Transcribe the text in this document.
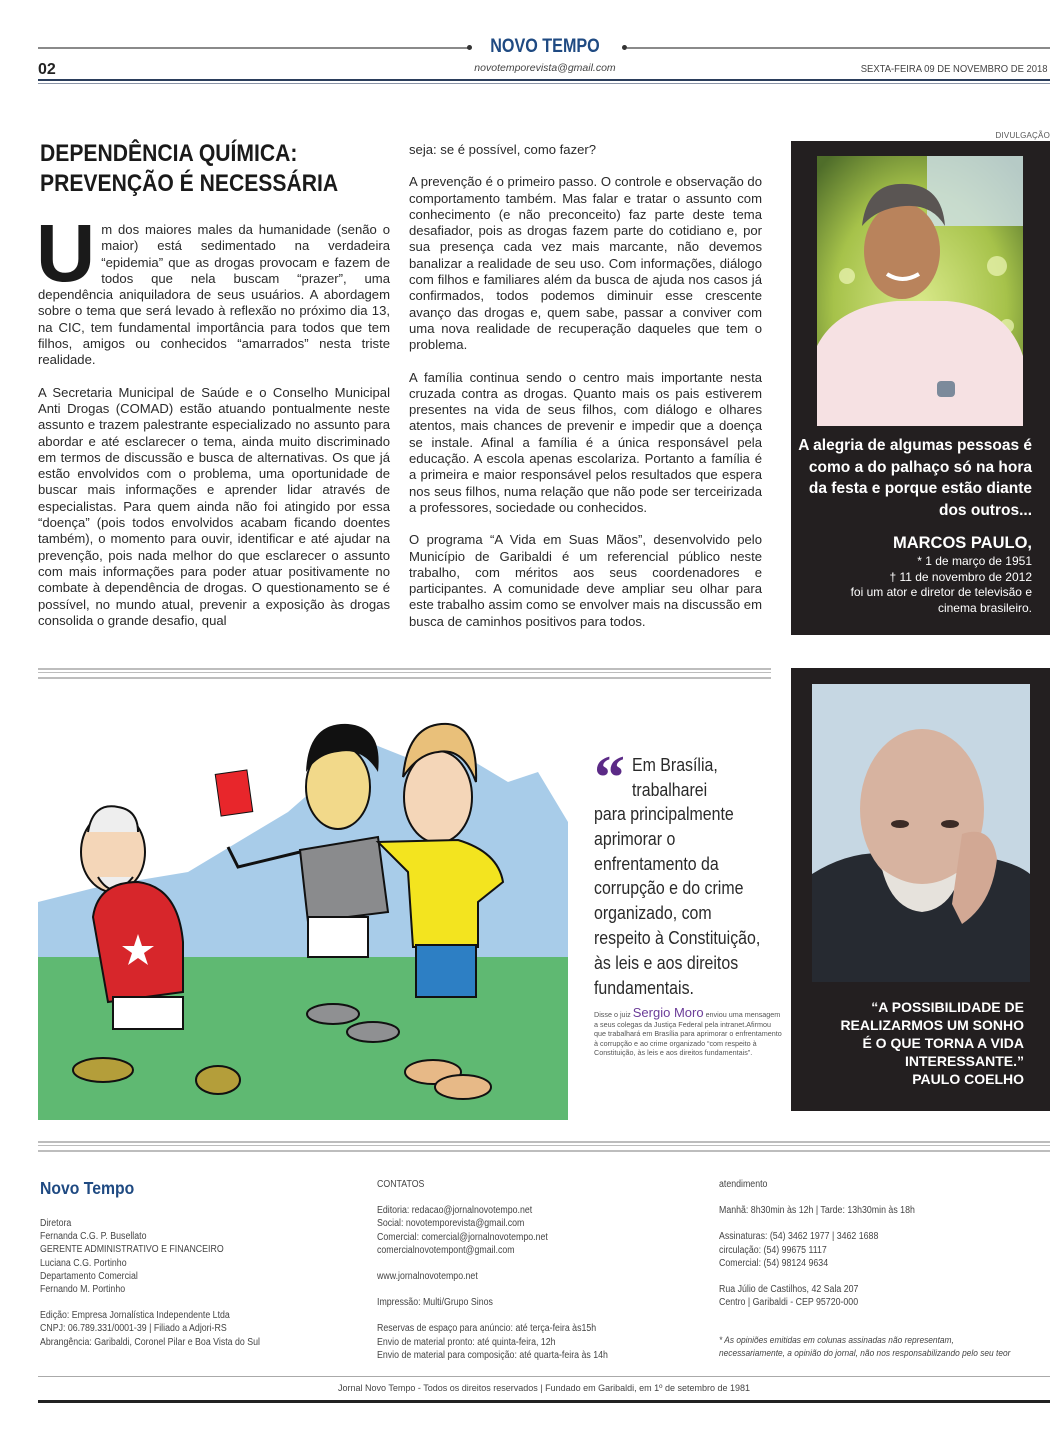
NOVO TEMPO
02	novotemporevista@gmail.com	SEXTA-FEIRA 09 DE NOVEMBRO DE 2018
DEPENDÊNCIA QUÍMICA:
PREVENÇÃO É NECESSÁRIA

Um dos maiores males da humanidade (senão o maior) está sedimentado na verdadeira “epidemia” que as drogas provocam e fazem de todos que nela buscam “prazer”, uma dependência aniquiladora de seus usuários. A abordagem sobre o tema que será levado à reflexão no próximo dia 13, na CIC, tem fundamental importância para todos que tem filhos, amigos ou conhecidos “amarrados” nesta triste realidade.

A Secretaria Municipal de Saúde e o Conselho Municipal Anti Drogas (COMAD) estão atuando pontualmente neste assunto e trazem palestrante especializado no assunto para abordar e até esclarecer o tema, ainda muito discriminado em termos de discussão e busca de alternativas. Os que já estão envolvidos com o problema, uma oportunidade de buscar mais informações e aprender lidar através de especialistas. Para quem ainda não foi atingido por essa “doença” (pois todos envolvidos acabam ficando doentes também), o momento para ouvir, identificar e até ajudar na prevenção, pois nada melhor do que esclarecer o assunto com mais informações para poder atuar positivamente no combate à dependência de drogas. O questionamento se é possível, no mundo atual, prevenir a exposição às drogas consolida o grande desafio, qual

seja: se é possível, como fazer?

A prevenção é o primeiro passo. O controle e observação do comportamento também. Mas falar e tratar o assunto com conhecimento (e não preconceito) faz parte deste tema desafiador, pois as drogas fazem parte do cotidiano e, por sua presença cada vez mais marcante, não devemos banalizar a realidade de seu uso. Com informações, diálogo com filhos e familiares além da busca de ajuda nos casos já confirmados, todos podemos diminuir esse crescente avanço das drogas e, quem sabe, passar a conviver com uma nova realidade de recuperação daqueles que tem o problema.

A família continua sendo o centro mais importante nesta cruzada contra as drogas. Quanto mais os pais estiverem presentes na vida de seus filhos, com diálogo e olhares atentos, mais chances de prevenir e impedir que a doença se instale. Afinal a família é a única responsável pela educação. A escola apenas escolariza. Portanto a família é a primeira e maior responsável pelos resultados que espera nos seus filhos, numa relação que não pode ser terceirizada a professores, sociedade ou conhecidos.

O programa “A Vida em Suas Mãos”, desenvolvido pelo Município de Garibaldi é um referencial público neste trabalho, com méritos aos seus coordenadores e participantes. A comunidade deve ampliar seu olhar para este trabalho assim como se envolver mais na discussão em busca de caminhos positivos para todos.

DIVULGAÇÃO
A alegria de algumas pessoas é
como a do palhaço só na hora
da festa e porque estão diante
dos outros...
MARCOS PAULO,
* 1 de março de 1951
† 11 de novembro de 2012
foi um ator e diretor de televisão e
cinema brasileiro.
“ Em Brasília,
trabalharei
para principalmente
aprimorar o
enfrentamento da
corrupção e do crime
organizado, com
respeito à Constituição,
às leis e aos direitos
fundamentais.
Disse o juiz Sergio Moro enviou uma mensagem a seus colegas da Justiça Federal pela intranet.Afirmou que trabalhará em Brasília para aprimorar o enfrentamento à corrupção e ao crime organizado “com respeito à Constituição, às leis e aos direitos fundamentais”.
“A POSSIBILIDADE DE
REALIZARMOS UM SONHO
É O QUE TORNA A VIDA
INTERESSANTE.”
PAULO COELHO
Novo Tempo
Diretora
Fernanda C.G. P. Busellato
GERENTE ADMINISTRATIVO E FINANCEIRO
Luciana C.G. Portinho
Departamento Comercial
Fernando M. Portinho
Edição: Empresa Jornalística Independente Ltda
CNPJ: 06.789.331/0001-39 | Filiado a Adjori-RS
Abrangência: Garibaldi, Coronel Pilar e Boa Vista do Sul
CONTATOS
Editoria: redacao@jornalnovotempo.net
Social: novotemporevista@gmail.com
Comercial: comercial@jornalnovotempo.net
comercialnovotempont@gmail.com
www.jornalnovotempo.net
Impressão: Multi/Grupo Sinos
Reservas de espaço para anúncio: até terça-feira às15h
Envio de material pronto: até quinta-feira, 12h
Envio de material para composição: até quarta-feira às 14h
atendimento
Manhã: 8h30min às 12h | Tarde: 13h30min às 18h
Assinaturas: (54) 3462 1977 | 3462 1688
circulação: (54) 99675 1117
Comercial: (54) 98124 9634
Rua Júlio de Castilhos, 42 Sala 207
Centro | Garibaldi - CEP 95720-000
* As opiniões emitidas em colunas assinadas não representam,
necessariamente, a opinião do jornal, não nos responsabilizando pelo seu teor
Jornal Novo Tempo - Todos os direitos reservados | Fundado em Garibaldi, em 1º de setembro de 1981
